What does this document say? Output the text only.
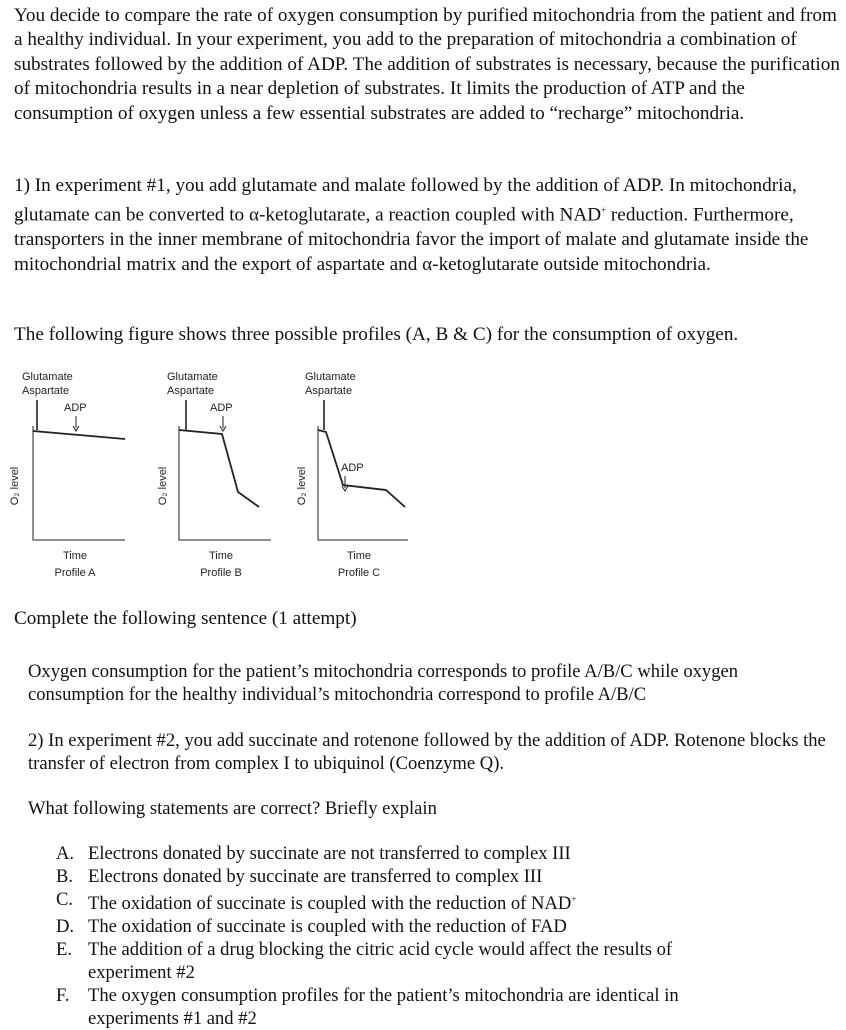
You decide to compare the rate of oxygen consumption by purified mitochondria from the patient and from a healthy individual. In your experiment, you add to the preparation of mitochondria a combination of substrates followed by the addition of ADP. The addition of substrates is necessary, because the purification of mitochondria results in a near depletion of substrates. It limits the production of ATP and the consumption of oxygen unless a few essential substrates are added to “recharge” mitochondria.

1) In experiment #1, you add glutamate and malate followed by the addition of ADP. In mitochondria, glutamate can be converted to α-ketoglutarate, a reaction coupled with NAD+ reduction. Furthermore, transporters in the inner membrane of mitochondria favor the import of malate and glutamate inside the mitochondrial matrix and the export of aspartate and α-ketoglutarate outside mitochondria.

The following figure shows three possible profiles (A, B & C) for the consumption of oxygen.

Glutamate
Aspartate
ADP
O₂ level
Time
Profile A
Glutamate
Aspartate
ADP
O₂ level
Time
Profile B
Glutamate
Aspartate
ADP
O₂ level
Time
Profile C

Complete the following sentence (1 attempt)

Oxygen consumption for the patient’s mitochondria corresponds to profile A/B/C while oxygen consumption for the healthy individual’s mitochondria correspond to profile A/B/C

2) In experiment #2, you add succinate and rotenone followed by the addition of ADP. Rotenone blocks the transfer of electron from complex I to ubiquinol (Coenzyme Q).

What following statements are correct? Briefly explain

A. Electrons donated by succinate are not transferred to complex III
B. Electrons donated by succinate are transferred to complex III
C. The oxidation of succinate is coupled with the reduction of NAD+
D. The oxidation of succinate is coupled with the reduction of FAD
E. The addition of a drug blocking the citric acid cycle would affect the results of experiment #2
F. The oxygen consumption profiles for the patient’s mitochondria are identical in experiments #1 and #2
